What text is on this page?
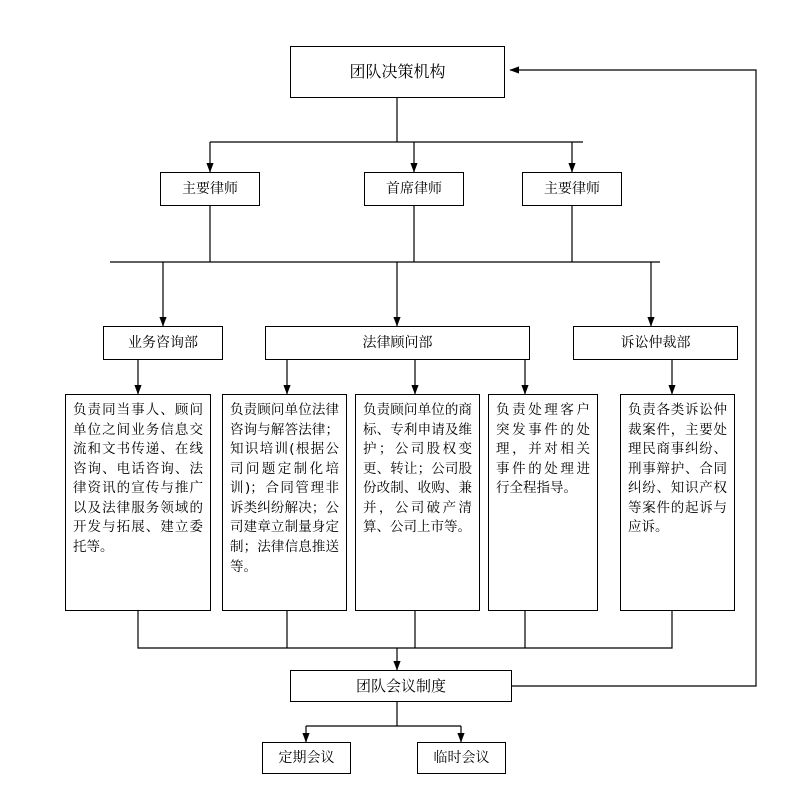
团队决策机构
主要律师	首席律师	主要律师
业务咨询部	法律顾问部	诉讼仲裁部
负责同当事人、顾问单位之间业务信息交流和文书传递、在线咨询、电话咨询、法律资讯的宣传与推广以及法律服务领域的开发与拓展、建立委托等。
负责顾问单位法律咨询与解答法律；知识培训(根据公司问题定制化培训)；合同管理非诉类纠纷解决；公司建章立制量身定制；法律信息推送等。
负责顾问单位的商标、专利申请及维护；公司股权变更、转让；公司股份改制、收购、兼并，公司破产清算、公司上市等。
负责处理客户突发事件的处理，并对相关事件的处理进行全程指导。
负责各类诉讼仲裁案件，主要处理民商事纠纷、刑事辩护、合同纠纷、知识产权等案件的起诉与应诉。
团队会议制度
定期会议	临时会议
